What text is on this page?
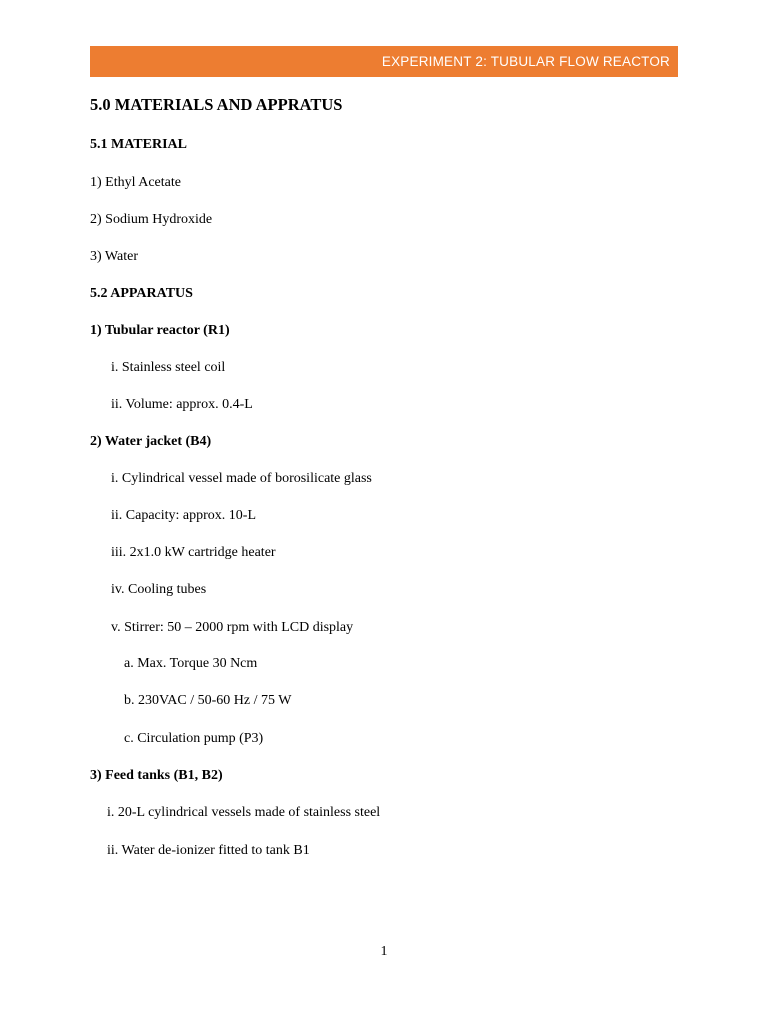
EXPERIMENT 2: TUBULAR FLOW REACTOR
5.0 MATERIALS AND APPRATUS
5.1 MATERIAL
1) Ethyl Acetate
2) Sodium Hydroxide
3) Water
5.2 APPARATUS
1) Tubular reactor (R1)
i. Stainless steel coil
ii. Volume: approx. 0.4-L
2) Water jacket (B4)
i. Cylindrical vessel made of borosilicate glass
ii. Capacity: approx. 10-L
iii. 2x1.0 kW cartridge heater
iv. Cooling tubes
v. Stirrer: 50 – 2000 rpm with LCD display
a. Max. Torque 30 Ncm
b. 230VAC / 50-60 Hz / 75 W
c. Circulation pump (P3)
3) Feed tanks (B1, B2)
i. 20-L cylindrical vessels made of stainless steel
ii. Water de-ionizer fitted to tank B1
1
